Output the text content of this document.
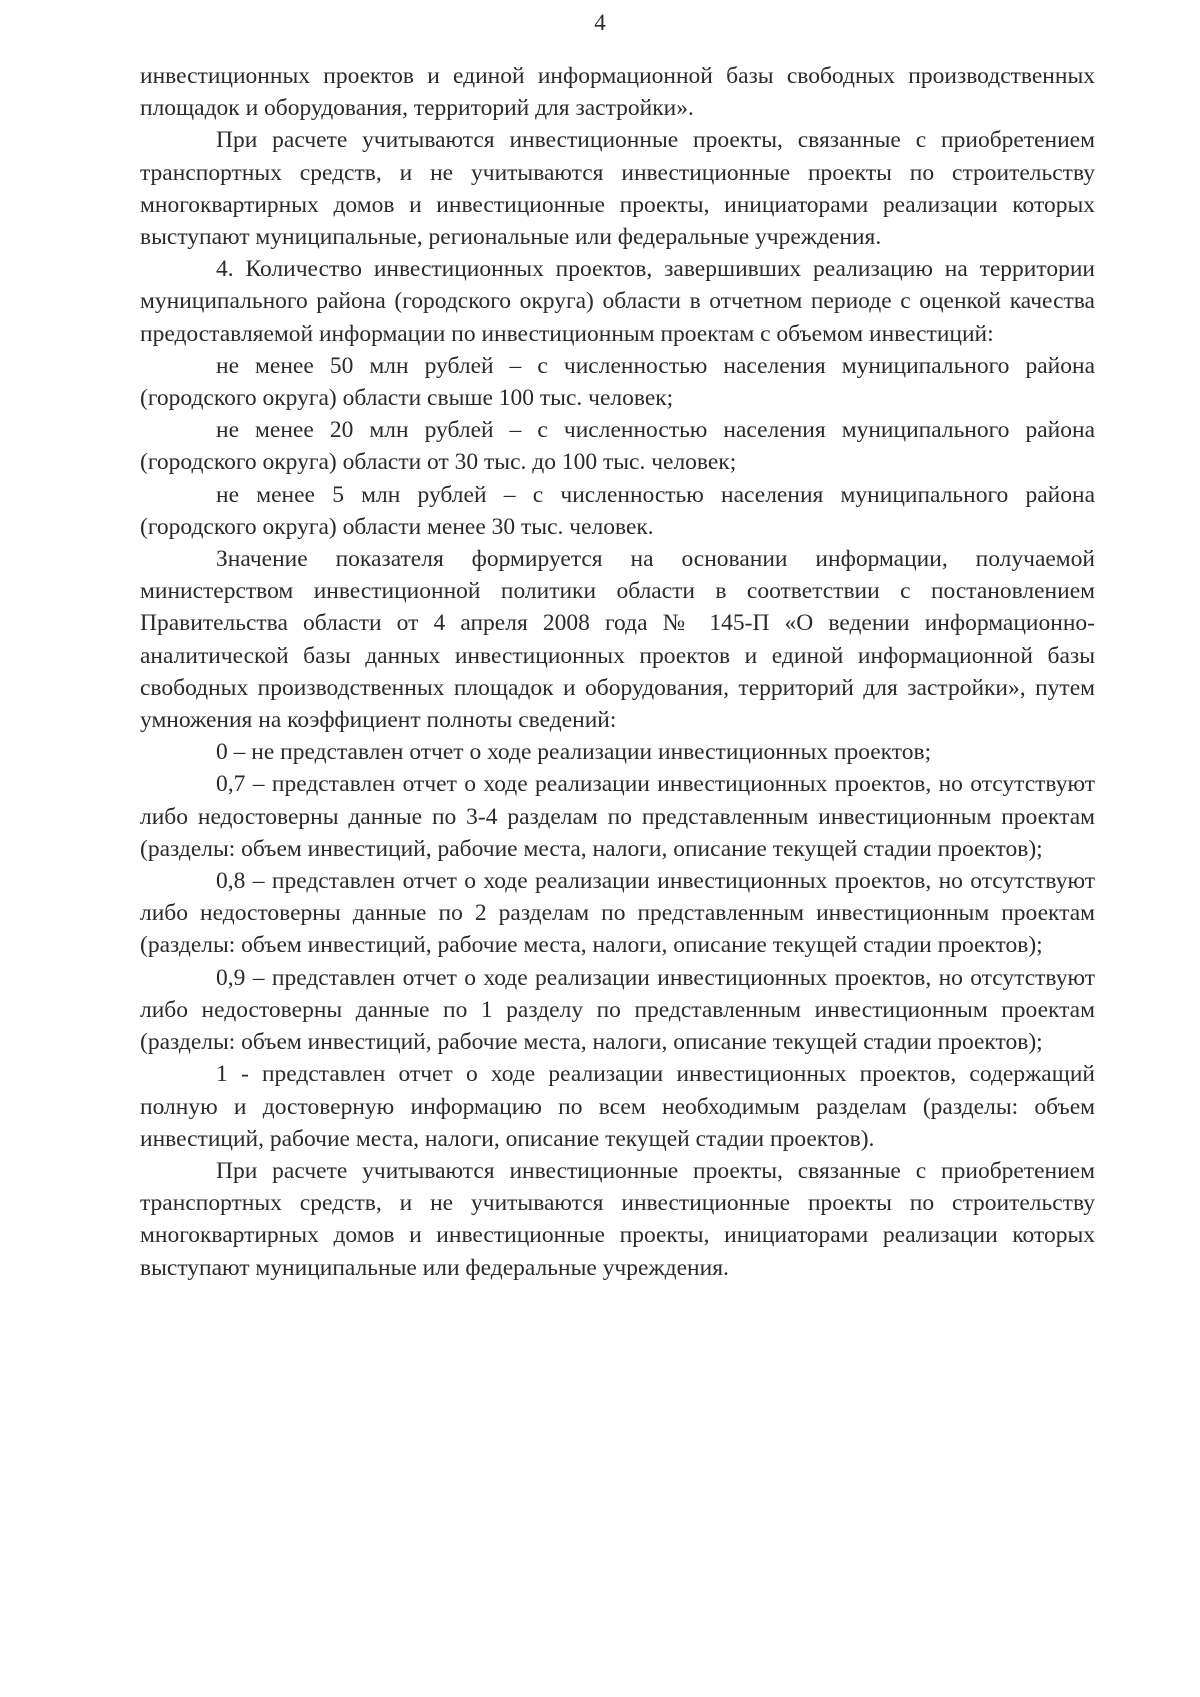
4

инвестиционных проектов и единой информационной базы свободных производственных площадок и оборудования, территорий для застройки».

При расчете учитываются инвестиционные проекты, связанные с приобретением транспортных средств, и не учитываются инвестиционные проекты по строительству многоквартирных домов и инвестиционные проекты, инициаторами реализации которых выступают муниципальные, региональные или федеральные учреждения.

4. Количество инвестиционных проектов, завершивших реализацию на территории муниципального района (городского округа) области в отчетном периоде с оценкой качества предоставляемой информации по инвестиционным проектам с объемом инвестиций:

не менее 50 млн рублей – с численностью населения муниципального района (городского округа) области свыше 100 тыс. человек;

не менее 20 млн рублей – с численностью населения муниципального района (городского округа) области от 30 тыс. до 100 тыс. человек;

не менее 5 млн рублей – с численностью населения муниципального района (городского округа) области менее 30 тыс. человек.

Значение показателя формируется на основании информации, получаемой министерством инвестиционной политики области в соответствии с постановлением Правительства области от 4 апреля 2008 года № 145-П «О ведении информационно-аналитической базы данных инвестиционных проектов и единой информационной базы свободных производственных площадок и оборудования, территорий для застройки», путем умножения на коэффициент полноты сведений:

0 – не представлен отчет о ходе реализации инвестиционных проектов;

0,7 – представлен отчет о ходе реализации инвестиционных проектов, но отсутствуют либо недостоверны данные по 3-4 разделам по представленным инвестиционным проектам (разделы: объем инвестиций, рабочие места, налоги, описание текущей стадии проектов);

0,8 – представлен отчет о ходе реализации инвестиционных проектов, но отсутствуют либо недостоверны данные по 2 разделам по представленным инвестиционным проектам (разделы: объем инвестиций, рабочие места, налоги, описание текущей стадии проектов);

0,9 – представлен отчет о ходе реализации инвестиционных проектов, но отсутствуют либо недостоверны данные по 1 разделу по представленным инвестиционным проектам (разделы: объем инвестиций, рабочие места, налоги, описание текущей стадии проектов);

1 - представлен отчет о ходе реализации инвестиционных проектов, содержащий полную и достоверную информацию по всем необходимым разделам (разделы: объем инвестиций, рабочие места, налоги, описание текущей стадии проектов).

При расчете учитываются инвестиционные проекты, связанные с приобретением транспортных средств, и не учитываются инвестиционные проекты по строительству многоквартирных домов и инвестиционные проекты, инициаторами реализации которых выступают муниципальные или федеральные учреждения.
